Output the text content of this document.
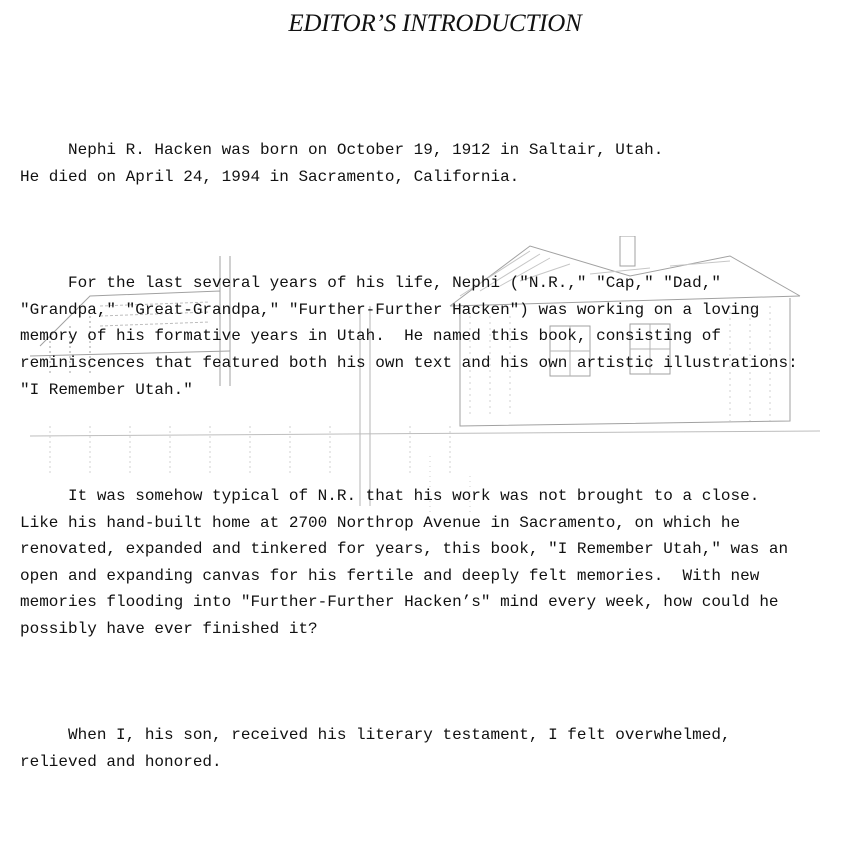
EDITOR’S INTRODUCTION

Nephi R. Hacken was born on October 19, 1912 in Saltair, Utah.
He died on April 24, 1994 in Sacramento, California.

For the last several years of his life, Nephi ("N.R.," "Cap," "Dad,"
"Grandpa," "Great-Grandpa," "Further-Further Hacken") was working on a loving
memory of his formative years in Utah.  He named this book, consisting of
reminiscences that featured both his own text and his own artistic illustrations:
"I Remember Utah."

It was somehow typical of N.R. that his work was not brought to a close.
Like his hand-built home at 2700 Northrop Avenue in Sacramento, on which he
renovated, expanded and tinkered for years, this book, "I Remember Utah," was an
open and expanding canvas for his fertile and deeply felt memories.  With new
memories flooding into "Further-Further Hacken’s" mind every week, how could he
possibly have ever finished it?

When I, his son, received his literary testament, I felt overwhelmed,
relieved and honored.
